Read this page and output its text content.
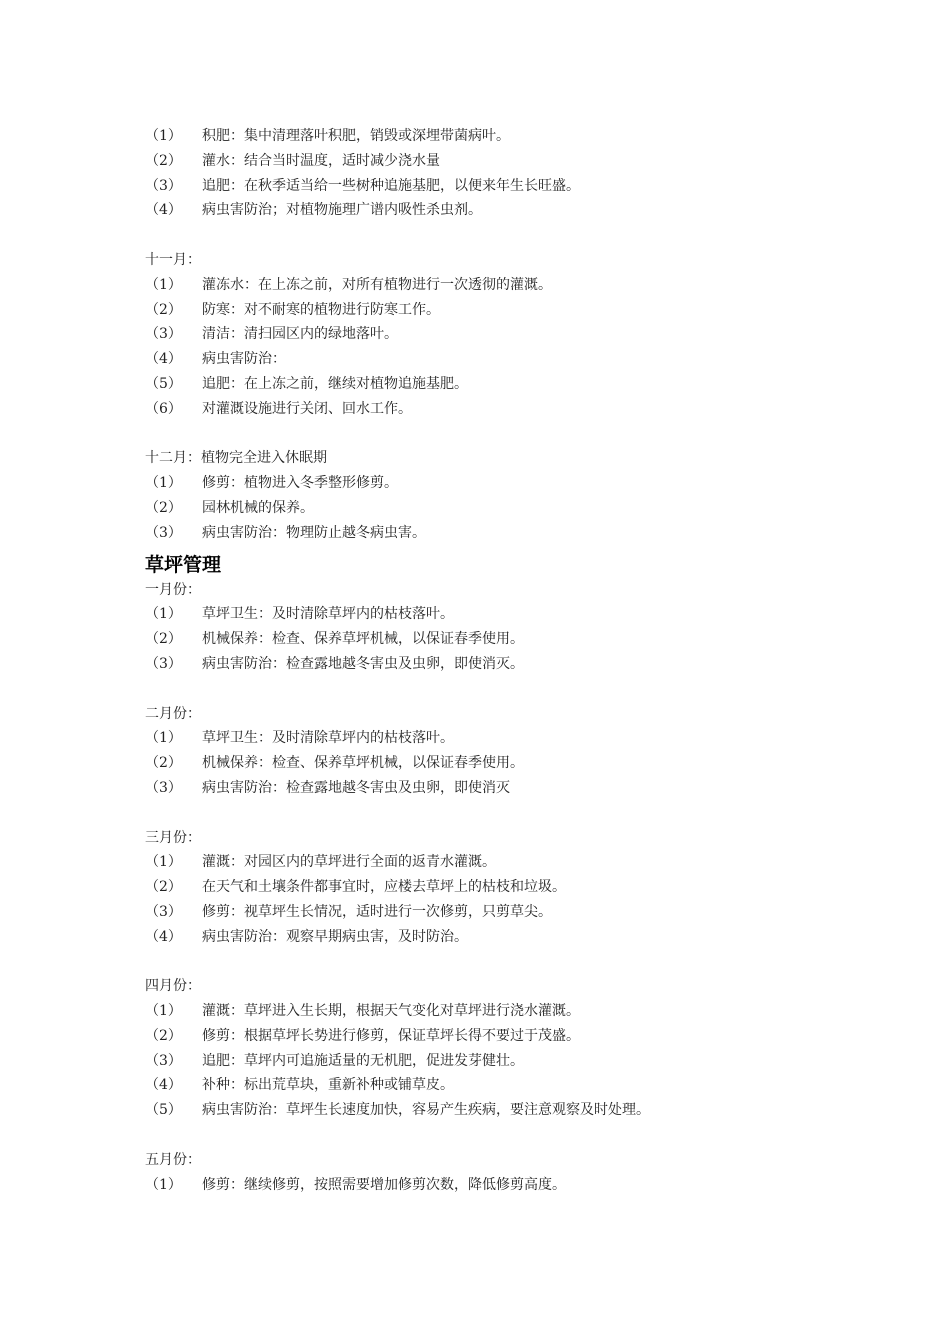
（1）	积肥：集中清理落叶积肥，销毁或深埋带菌病叶。
（2）	灌水：结合当时温度，适时减少浇水量
（3）	追肥：在秋季适当给一些树种追施基肥，以便来年生长旺盛。
（4）	病虫害防治；对植物施理广谱内吸性杀虫剂。
十一月：
（1）	灌冻水：在上冻之前，对所有植物进行一次透彻的灌溉。
（2）	防寒：对不耐寒的植物进行防寒工作。
（3）	清洁：清扫园区内的绿地落叶。
（4）	病虫害防治：
（5）	追肥：在上冻之前，继续对植物追施基肥。
（6）	对灌溉设施进行关闭、回水工作。
十二月：植物完全进入休眠期
（1）	修剪：植物进入冬季整形修剪。
（2）	园林机械的保养。
（3）	病虫害防治：物理防止越冬病虫害。
草坪管理
一月份：
（1）	草坪卫生：及时清除草坪内的枯枝落叶。
（2）	机械保养：检查、保养草坪机械，以保证春季使用。
（3）	病虫害防治：检查露地越冬害虫及虫卵，即使消灭。
二月份：
（1）	草坪卫生：及时清除草坪内的枯枝落叶。
（2）	机械保养：检查、保养草坪机械，以保证春季使用。
（3）	病虫害防治：检查露地越冬害虫及虫卵，即使消灭
三月份：
（1）	灌溉：对园区内的草坪进行全面的返青水灌溉。
（2）	在天气和土壤条件都事宜时，应楼去草坪上的枯枝和垃圾。
（3）	修剪：视草坪生长情况，适时进行一次修剪，只剪草尖。
（4）	病虫害防治：观察早期病虫害，及时防治。
四月份：
（1）	灌溉：草坪进入生长期，根据天气变化对草坪进行浇水灌溉。
（2）	修剪：根据草坪长势进行修剪，保证草坪长得不要过于茂盛。
（3）	追肥：草坪内可追施适量的无机肥，促进发芽健壮。
（4）	补种：标出荒草块，重新补种或铺草皮。
（5）	病虫害防治：草坪生长速度加快，容易产生疾病，要注意观察及时处理。
五月份：
（1）	修剪：继续修剪，按照需要增加修剪次数，降低修剪高度。
